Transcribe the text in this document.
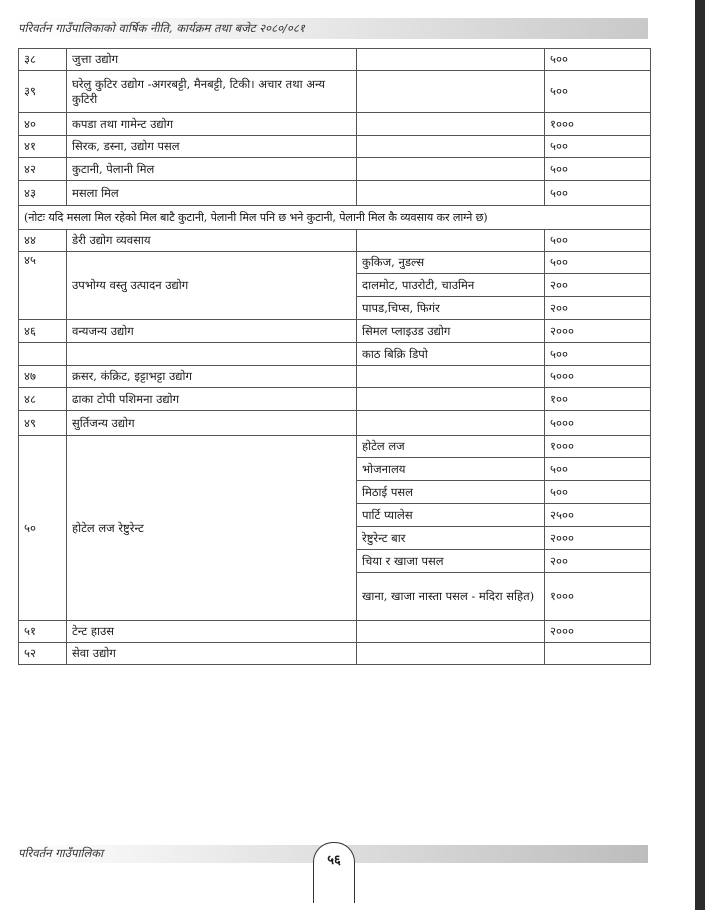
परिवर्तन गाउँपालिकाको वार्षिक नीति, कार्यक्रम तथा बजेट २०८०/०८१
३८	जुत्ता उद्योग		५००
३९	घरेलु कुटिर उद्योग -अगरबट्टी, मैनबट्टी, टिकी। अचार तथा अन्य कुटिरी		५००
४०	कपडा तथा गामेन्ट उद्योग		१०००
४१	सिरक, डस्ना, उद्योग पसल		५००
४२	कुटानी, पेलानी मिल		५००
४३	मसला मिल		५००
(नोटः यदि मसला मिल रहेको मिल बाटै कुटानी, पेलानी मिल पनि छ भने कुटानी, पेलानी मिल कै व्यवसाय कर लाग्ने छ)			
४४	डेरी उद्योग व्यवसाय		५००
४५	उपभोग्य वस्तु उत्पादन उद्योग	कुकिज, नुडल्स	५००
		दालमोट, पाउरोटी, चाउमिन	२००
		पापड,चिप्स, फिगंर	२००
४६	वन्यजन्य उद्योग	सिमल प्लाइउड उद्योग	२०००
		काठ बिक्रि डिपो	५००
४७	क्रसर, कंक्रिट, इट्टाभट्टा उद्योग		५०००
४८	ढाका टोपी पशिमना उद्योग		१००
४९	सुर्तिजन्य उद्योग		५०००
५०	होटेल लज रेष्टुरेन्ट	होटेल लज	१०००
		भोजनालय	५००
		मिठाई पसल	५००
		पार्टि प्यालेस	२५००
		रेष्टुरेन्ट बार	२०००
		चिया र खाजा पसल	२००
		खाना, खाजा नास्ता पसल - मदिरा सहित)	१०००
५१	टेन्ट हाउस		२०००
५२	सेवा उद्योग		
परिवर्तन गाउँपालिका	५६
